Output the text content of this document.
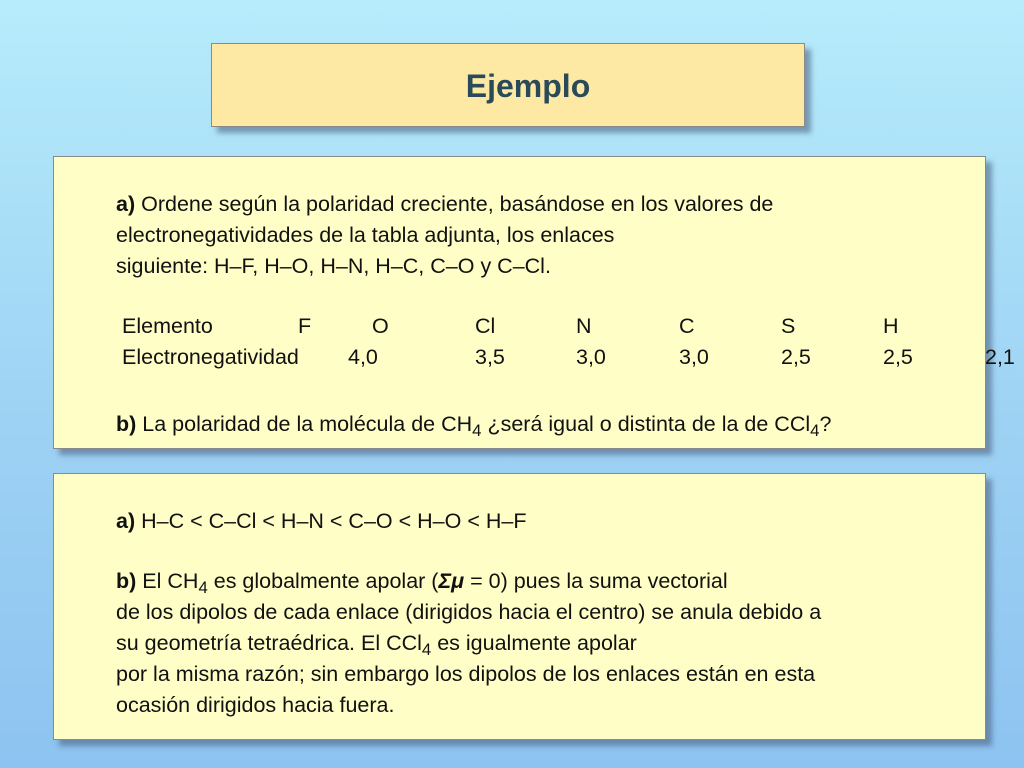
Ejemplo
a) Ordene según la polaridad creciente, basándose en los valores de
electronegatividades de la tabla adjunta, los enlaces
siguiente: H–F, H–O, H–N, H–C, C–O y C–Cl.
Elemento	F	O	Cl	N	C	S	H
Electronegatividad 4,0	3,5	3,0	3,0	2,5	2,5	2,1
b) La polaridad de la molécula de $CH_4$ ¿será igual o distinta de la de CCl$_4$?
a) H–C < C–Cl < H–N < C–O < H–O < H–F
b) El $CH_4$ es globalmente apolar (Σμ = 0) pues la suma vectorial
de los dipolos de cada enlace (dirigidos hacia el centro) se anula debido a
su geometría tetraédrica. El CCl$_4$ es igualmente apolar
por la misma razón; sin embargo los dipolos de los enlaces están en esta
ocasión dirigidos hacia fuera.
